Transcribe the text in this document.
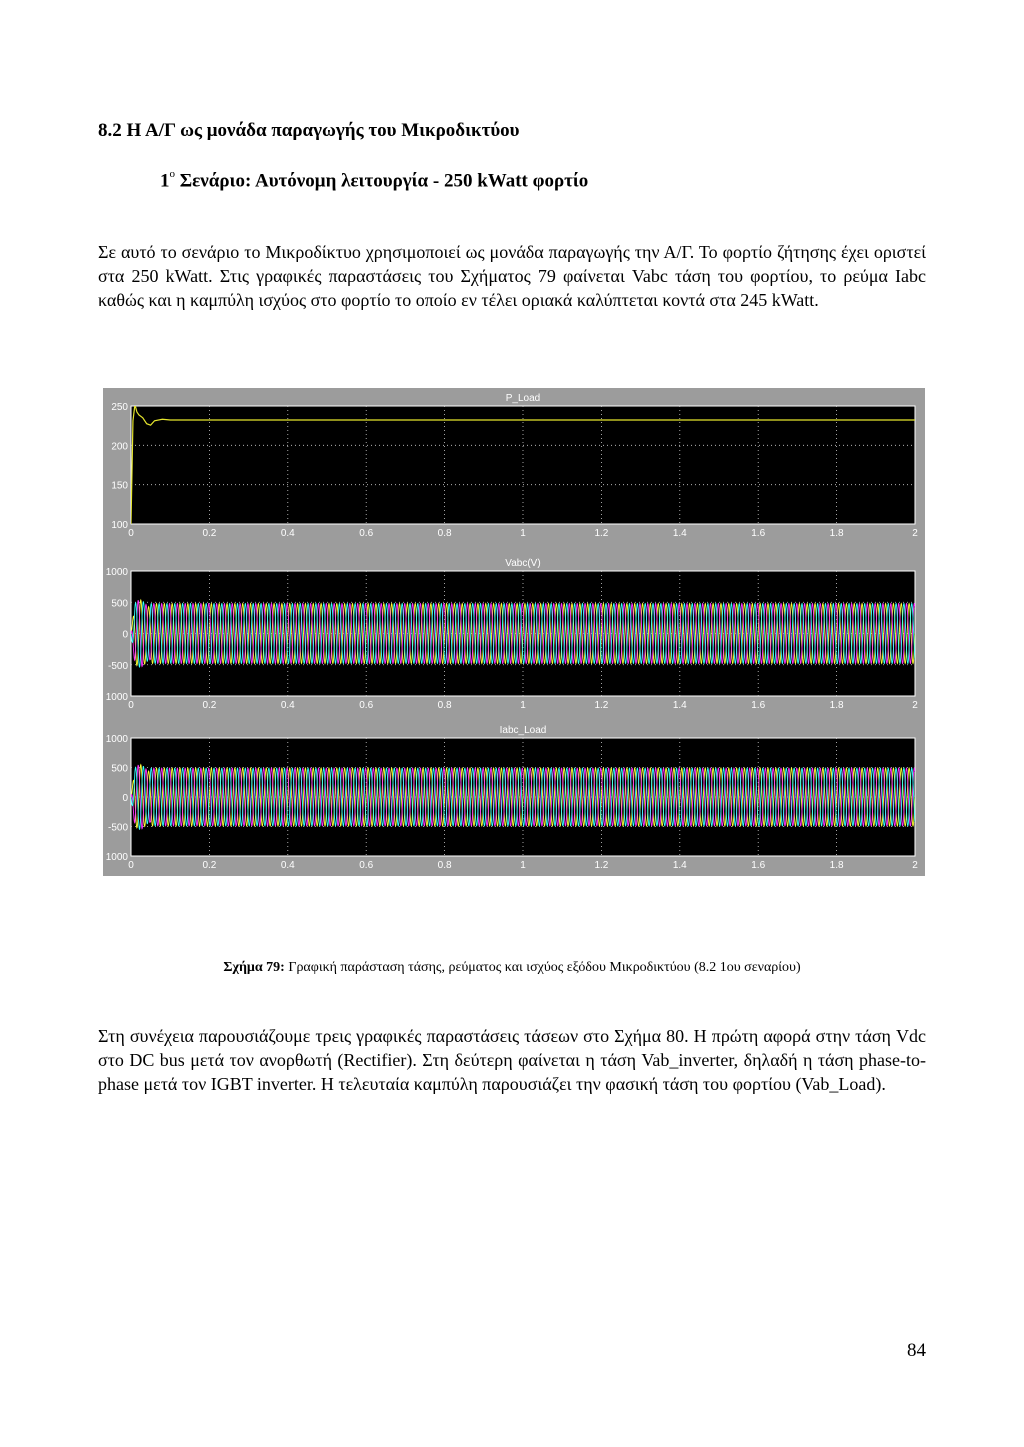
8.2 Η Α/Γ ως μονάδα παραγωγής του Μικροδικτύου
$1^o$ Σενάριο: Αυτόνομη λειτουργία - 250 kWatt φορτίο
Σε αυτό το σενάριο το Μικροδίκτυο χρησιμοποιεί ως μονάδα παραγωγής την Α/Γ. Το φορτίο ζήτησης έχει οριστεί στα 250 kWatt. Στις γραφικές παραστάσεις του Σχήματος 79 φαίνεται Vabc τάση του φορτίου, το ρεύμα Iabc καθώς και η καμπύλη ισχύος στο φορτίο το οποίο εν τέλει οριακά καλύπτεται κοντά στα 245 kWatt.
P_Load
0	0.2	0.4	0.6	0.8	1	1.2	1.4	1.6	1.8	2
250
200
150
100
Vabc(V)
0	0.2	0.4	0.6	0.8	1	1.2	1.4	1.6	1.8	2
1000
500
0
-500
1000
Iabc_Load
0	0.2	0.4	0.6	0.8	1	1.2	1.4	1.6	1.8	2
1000
500
0
-500
1000
Σχήμα 79: Γραφική παράσταση τάσης, ρεύματος και ισχύος εξόδου Μικροδικτύου (8.2 1ου σεναρίου)
Στη συνέχεια παρουσιάζουμε τρεις γραφικές παραστάσεις τάσεων στο Σχήμα 80. Η πρώτη αφορά στην τάση Vdc στο DC bus μετά τον ανορθωτή (Rectifier). Στη δεύτερη φαίνεται η τάση Vab_inverter, δηλαδή η τάση phase-to-phase μετά τον IGBT inverter. Η τελευταία καμπύλη παρουσιάζει την φασική τάση του φορτίου (Vab_Load).
84
